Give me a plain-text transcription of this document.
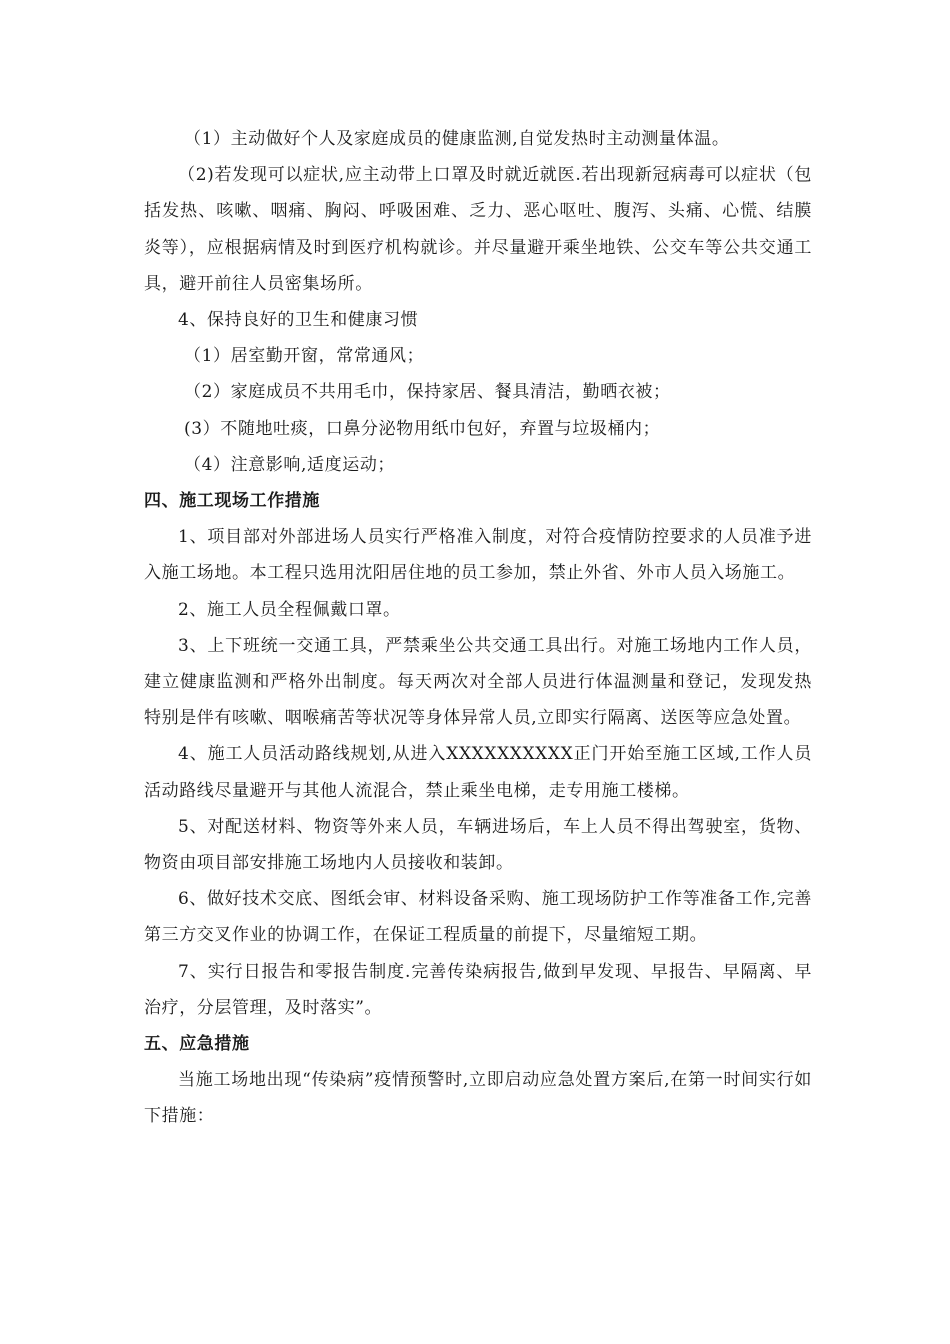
（1）主动做好个人及家庭成员的健康监测,自觉发热时主动测量体温。

（2)若发现可以症状,应主动带上口罩及时就近就医.若出现新冠病毒可以症状（包括发热、咳嗽、咽痛、胸闷、呼吸困难、乏力、恶心呕吐、腹泻、头痛、心慌、结膜炎等），应根据病情及时到医疗机构就诊。并尽量避开乘坐地铁、公交车等公共交通工具，避开前往人员密集场所。

4、保持良好的卫生和健康习惯

（1）居室勤开窗，常常通风；

（2）家庭成员不共用毛巾，保持家居、餐具清洁，勤晒衣被；

(3）不随地吐痰，口鼻分泌物用纸巾包好，弃置与垃圾桶内；

（4）注意影响,适度运动；

四、施工现场工作措施

1、项目部对外部进场人员实行严格准入制度，对符合疫情防控要求的人员准予进入施工场地。本工程只选用沈阳居住地的员工参加，禁止外省、外市人员入场施工。

2、施工人员全程佩戴口罩。

3、上下班统一交通工具，严禁乘坐公共交通工具出行。对施工场地内工作人员，建立健康监测和严格外出制度。每天两次对全部人员进行体温测量和登记，发现发热特别是伴有咳嗽、咽喉痛苦等状况等身体异常人员,立即实行隔离、送医等应急处置。

4、施工人员活动路线规划,从进入XXXXXXXXXX正门开始至施工区域,工作人员活动路线尽量避开与其他人流混合，禁止乘坐电梯，走专用施工楼梯。

5、对配送材料、物资等外来人员，车辆进场后，车上人员不得出驾驶室，货物、物资由项目部安排施工场地内人员接收和装卸。

6、做好技术交底、图纸会审、材料设备采购、施工现场防护工作等准备工作,完善第三方交叉作业的协调工作，在保证工程质量的前提下，尽量缩短工期。

7、实行日报告和零报告制度.完善传染病报告,做到早发现、早报告、早隔离、早治疗，分层管理，及时落实”。

五、应急措施

当施工场地出现“传染病”疫情预警时,立即启动应急处置方案后,在第一时间实行如下措施：
